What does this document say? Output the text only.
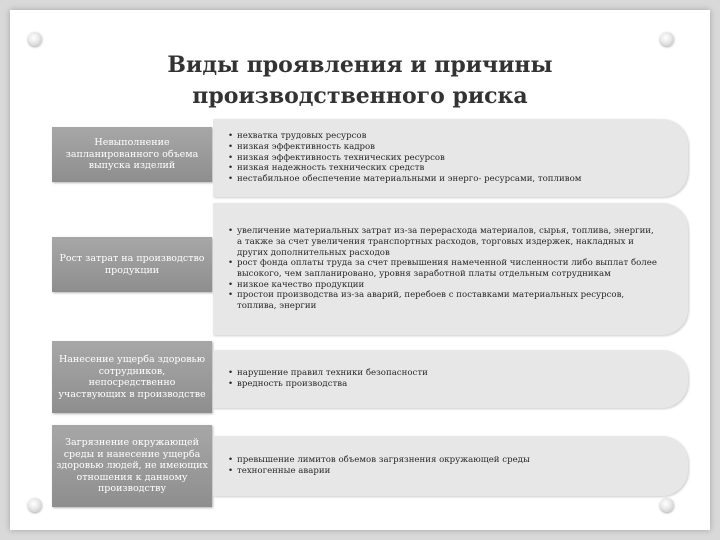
Виды проявления и причины
производственного риска
Невыполнение запланированного объема выпуска изделий
• нехватка трудовых ресурсов
• низкая эффективность кадров
• низкая эффективность технических ресурсов
• низкая надежность технических средств
• нестабильное обеспечение материальными и энерго- ресурсами, топливом
Рост затрат на производство продукции
• увеличение материальных затрат из-за перерасхода материалов, сырья, топлива, энергии, а также за счет увеличения транспортных расходов, торговых издержек, накладных и других дополнительных расходов
• рост фонда оплаты труда за счет превышения намеченной численности либо выплат более высокого, чем запланировано, уровня заработной платы отдельным сотрудникам
• низкое качество продукции
• простои производства из-за аварий, перебоев с поставками материальных ресурсов, топлива, энергии
Нанесение ущерба здоровью сотрудников, непосредственно участвующих в производстве
• нарушение правил техники безопасности
• вредность производства
Загрязнение окружающей среды и нанесение ущерба здоровью людей, не имеющих отношения к данному производству
• превышение лимитов объемов загрязнения окружающей среды
• техногенные аварии
